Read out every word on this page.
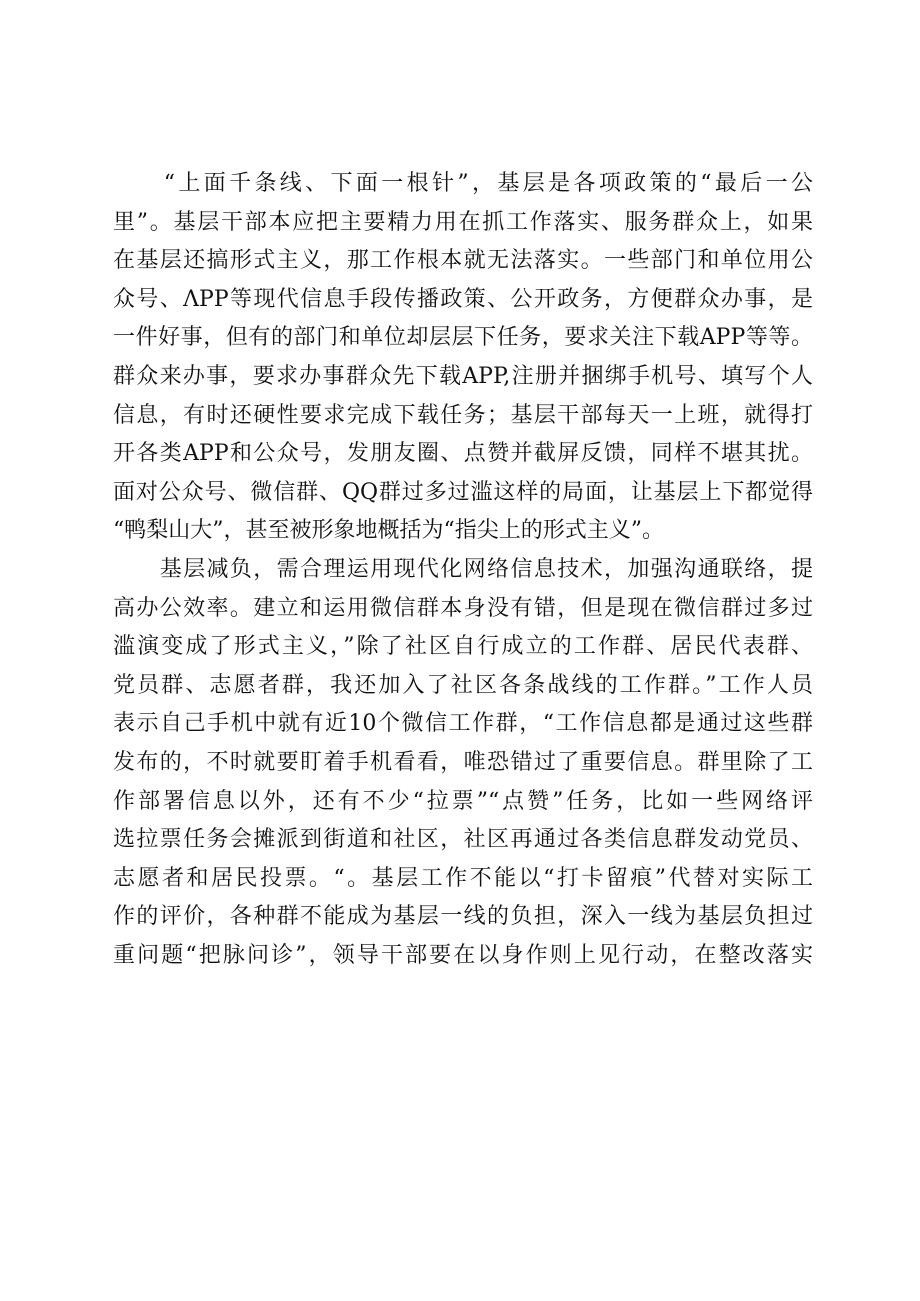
　　“上面千条线、下面一根针”，基层是各项政策的“最后一公
里”。基层干部本应把主要精力用在抓工作落实、服务群众上，如果
在基层还搞形式主义，那工作根本就无法落实。一些部门和单位用公
众号、ΛPP等现代信息手段传播政策、公开政务，方便群众办事，是
一件好事，但有的部门和单位却层层下任务，要求关注下载APP等等。
群众来办事，要求办事群众先下载APP,注册并捆绑手机号、填写个人
信息，有时还硬性要求完成下载任务；基层干部每天一上班，就得打
开各类APP和公众号，发朋友圈、点赞并截屏反馈，同样不堪其扰。
面对公众号、微信群、QQ群过多过滥这样的局面，让基层上下都觉得
“鸭梨山大”，甚至被形象地概括为“指尖上的形式主义”。
　　基层减负，需合理运用现代化网络信息技术，加强沟通联络，提
高办公效率。建立和运用微信群本身没有错，但是现在微信群过多过
滥演变成了形式主义，”除了社区自行成立的工作群、居民代表群、
党员群、志愿者群，我还加入了社区各条战线的工作群。”工作人员
表示自己手机中就有近10个微信工作群，“工作信息都是通过这些群
发布的，不时就要盯着手机看看，唯恐错过了重要信息。群里除了工
作部署信息以外，还有不少“拉票”“点赞”任务，比如一些网络评
选拉票任务会摊派到街道和社区，社区再通过各类信息群发动党员、
志愿者和居民投票。“。基层工作不能以“打卡留痕”代替对实际工
作的评价，各种群不能成为基层一线的负担，深入一线为基层负担过
重问题“把脉问诊”，领导干部要在以身作则上见行动，在整改落实
